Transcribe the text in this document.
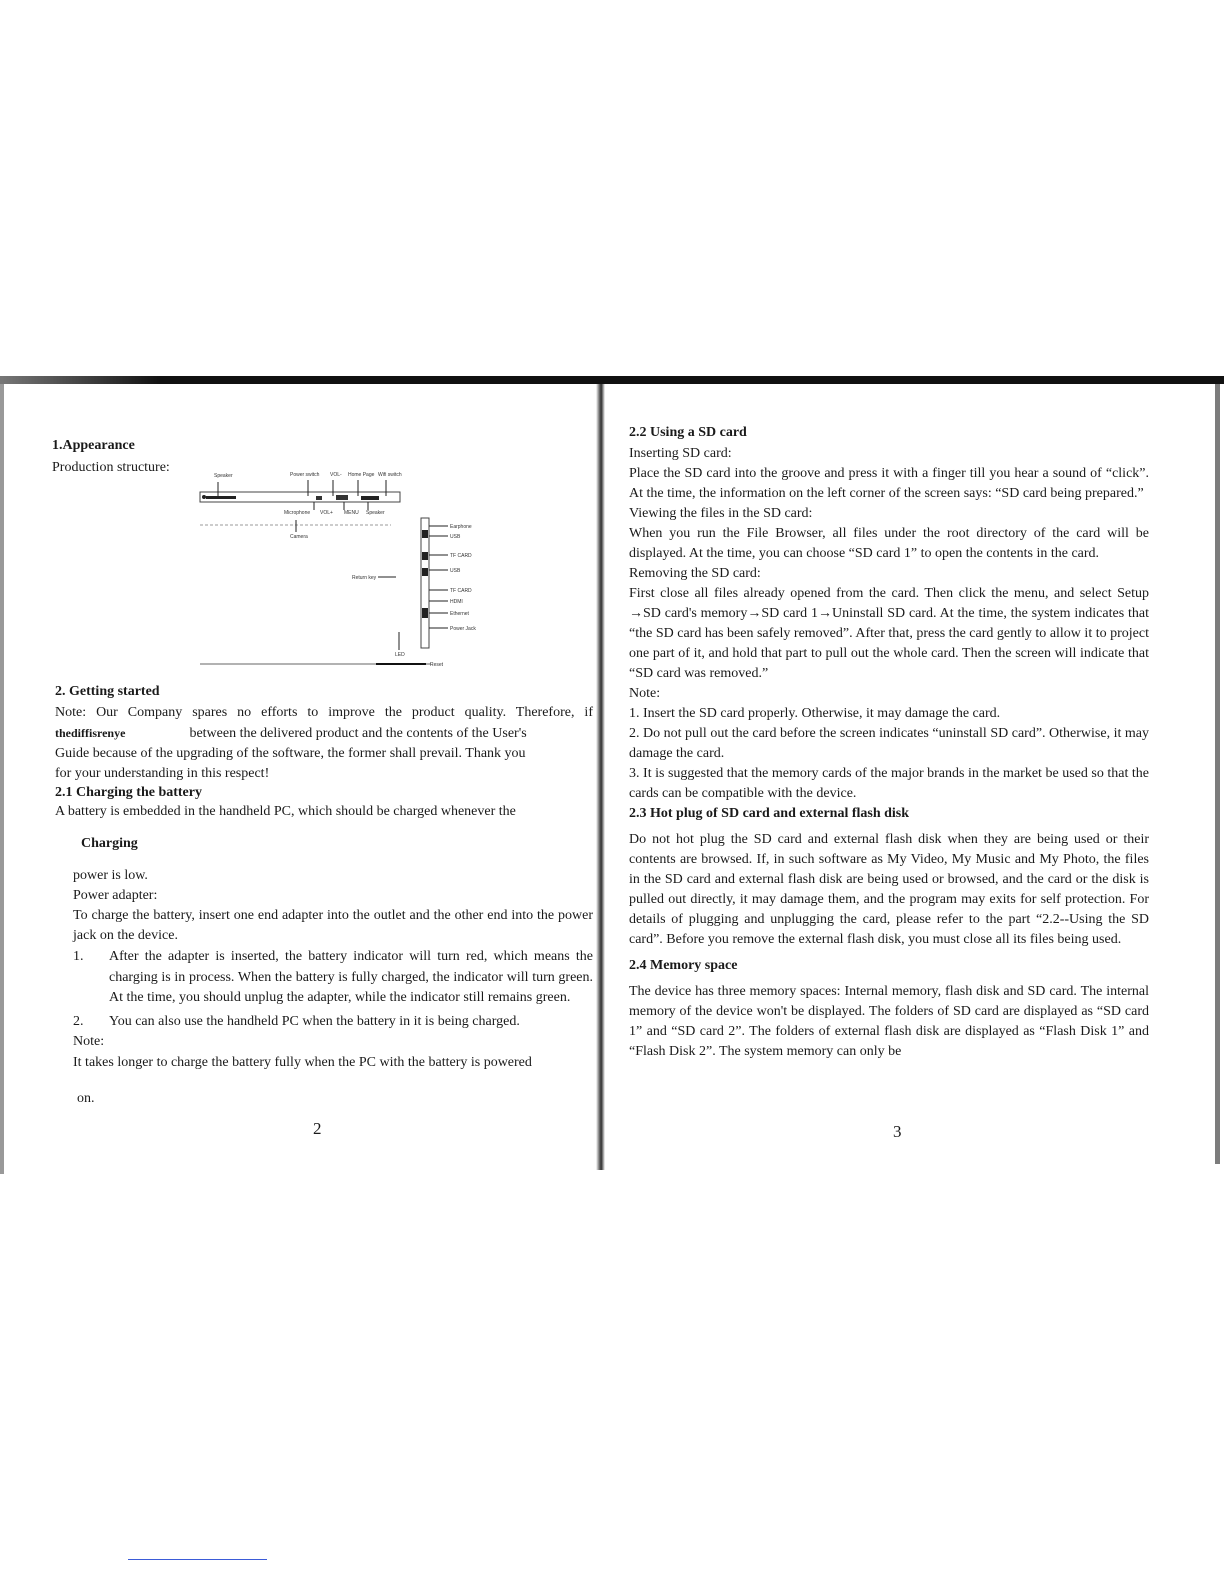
1.Appearance

Production structure:

Speaker	Power switch VOL- Home Page Wifi switch
Microphone VOL+ MENU Speaker
Camera
Earphone
USB
TF CARD
USB
Return key
TF CARD
HDMI
Ethernet
Power Jack
LED
Reset
2. Getting started

Note: Our Company spares no efforts to improve the product quality. Therefore, if

thediffisrenye	between the delivered product and the contents of the User's

Guide because of the upgrading of the software, the former shall prevail. Thank you

for your understanding in this respect!

2.1 Charging the battery

A battery is embedded in the handheld PC, which should be charged whenever the

Charging

power is low.

Power adapter:

To charge the battery, insert one end adapter into the outlet and the other end into the power jack on the device.

1. After the adapter is inserted, the battery indicator will turn red, which means the charging is in process. When the battery is fully charged, the indicator will turn green. At the time, you should unplug the adapter, while the indicator still remains green.
2. You can also use the handheld PC when the battery in it is being charged.

Note:

It takes longer to charge the battery fully when the PC with the battery is powered

on.

2
2.2 Using a SD card

Inserting SD card:

Place the SD card into the groove and press it with a finger till you hear a sound of “click”. At the time, the information on the left corner of the screen says: “SD card being prepared.”

Viewing the files in the SD card:

When you run the File Browser, all files under the root directory of the card will be displayed. At the time, you can choose “SD card 1” to open the contents in the card.

Removing the SD card:

First close all files already opened from the card. Then click the menu, and select Setup →SD card's memory→SD card 1→Uninstall SD card. At the time, the system indicates that “the SD card has been safely removed”. After that, press the card gently to allow it to project one part of it, and hold that part to pull out the whole card. Then the screen will indicate that “SD card was removed.”

Note:

1. Insert the SD card properly. Otherwise, it may damage the card.

2. Do not pull out the card before the screen indicates “uninstall SD card”. Otherwise, it may damage the card.

3. It is suggested that the memory cards of the major brands in the market be used so that the cards can be compatible with the device.

2.3 Hot plug of SD card and external flash disk

Do not hot plug the SD card and external flash disk when they are being used or their contents are browsed. If, in such software as My Video, My Music and My Photo, the files in the SD card and external flash disk are being used or browsed, and the card or the disk is pulled out directly, it may damage them, and the program may exits for self protection. For details of plugging and unplugging the card, please refer to the part “2.2--Using the SD card”. Before you remove the external flash disk, you must close all its files being used.

2.4 Memory space

The device has three memory spaces: Internal memory, flash disk and SD card. The internal memory of the device won't be displayed. The folders of SD card are displayed as “SD card 1” and “SD card 2”. The folders of external flash disk are displayed as “Flash Disk 1” and “Flash Disk 2”. The system memory can only be

3
